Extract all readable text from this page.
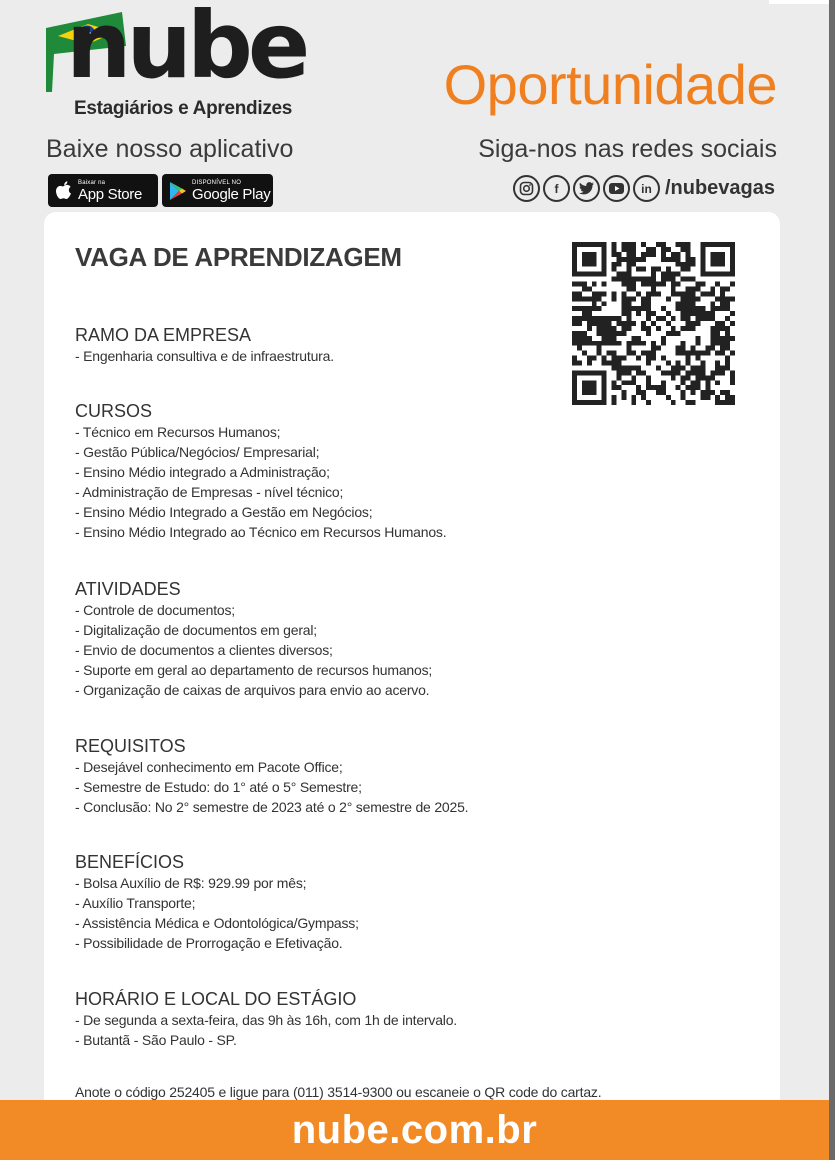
nube
Estagiários e Aprendizes	Oportunidade
Baixe nosso aplicativo	Siga-nos nas redes sociais
Baixar na
App Store
DISPONÍVEL NO
Google Play	f	in /nubevagas
VAGA DE APRENDIZAGEM
RAMO DA EMPRESA
- Engenharia consultiva e de infraestrutura.
CURSOS
- Técnico em Recursos Humanos;
- Gestão Pública/Negócios/ Empresarial;
- Ensino Médio integrado a Administração;
- Administração de Empresas - nível técnico;
- Ensino Médio Integrado a Gestão em Negócios;
- Ensino Médio Integrado ao Técnico em Recursos Humanos.
ATIVIDADES
- Controle de documentos;
- Digitalização de documentos em geral;
- Envio de documentos a clientes diversos;
- Suporte em geral ao departamento de recursos humanos;
- Organização de caixas de arquivos para envio ao acervo.
REQUISITOS
- Desejável conhecimento em Pacote Office;
- Semestre de Estudo: do 1° até o 5° Semestre;
- Conclusão: No 2° semestre de 2023 até o 2° semestre de 2025.
BENEFÍCIOS
- Bolsa Auxílio de R$: 929.99 por mês;
- Auxílio Transporte;
- Assistência Médica e Odontológica/Gympass;
- Possibilidade de Prorrogação e Efetivação.
HORÁRIO E LOCAL DO ESTÁGIO
- De segunda a sexta-feira, das 9h às 16h, com 1h de intervalo.
- Butantã - São Paulo - SP.
Anote o código 252405 e ligue para (011) 3514-9300 ou escaneie o QR code do cartaz.
nube.com.br
